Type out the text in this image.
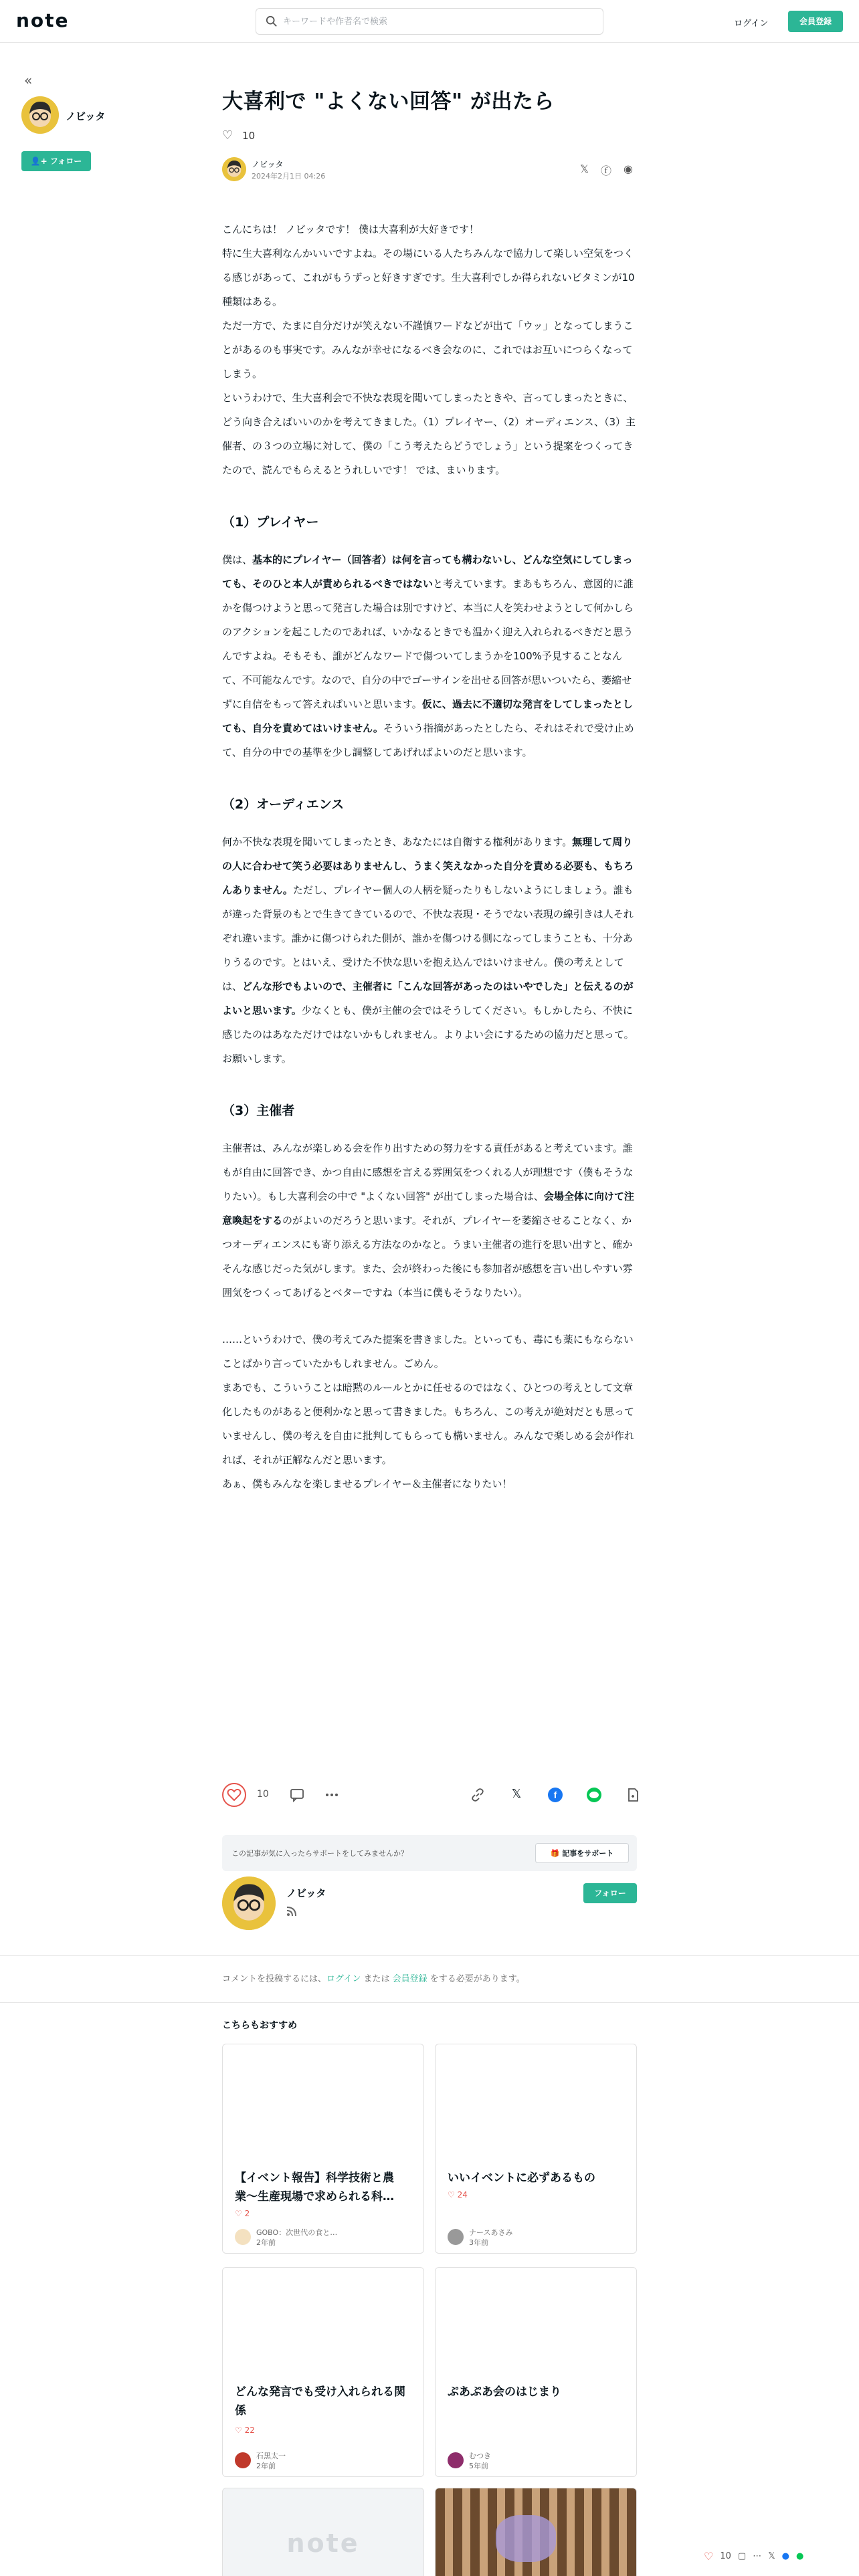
note
キーワードや作者名で検索	ログイン	会員登録
«
ノビッタ
👤+ フォロー
大喜利で "よくない回答" が出たら
♡ 10
ノビッタ
2024年2月1日 04:26
𝕏 ⓕ ◉

こんにちは！ ノビッタです！ 僕は大喜利が大好きです！

特に生大喜利なんかいいですよね。その場にいる人たちみんなで協力して楽しい空気をつくる感じがあって、これがもうずっと好きすぎです。生大喜利でしか得られないビタミンが10種類はある。

ただ一方で、たまに自分だけが笑えない不謹慎ワードなどが出て「ウッ」となってしまうことがあるのも事実です。みんなが幸せになるべき会なのに、これではお互いにつらくなってしまう。

というわけで、生大喜利会で不快な表現を聞いてしまったときや、言ってしまったときに、どう向き合えばいいのかを考えてきました。（1）プレイヤー、（2）オーディエンス、（3）主催者、の３つの立場に対して、僕の「こう考えたらどうでしょう」という提案をつくってきたので、読んでもらえるとうれしいです！ では、まいります。

（1）プレイヤー

僕は、基本的にプレイヤー（回答者）は何を言っても構わないし、どんな空気にしてしまっても、そのひと本人が責められるべきではないと考えています。まあもちろん、意図的に誰かを傷つけようと思って発言した場合は別ですけど、本当に人を笑わせようとして何かしらのアクションを起こしたのであれば、いかなるときでも温かく迎え入れられるべきだと思うんですよね。そもそも、誰がどんなワードで傷ついてしまうかを100%予見することなんて、不可能なんです。なので、自分の中でゴーサインを出せる回答が思いついたら、萎縮せずに自信をもって答えればいいと思います。仮に、過去に不適切な発言をしてしまったとしても、自分を責めてはいけません。そういう指摘があったとしたら、それはそれで受け止めて、自分の中での基準を少し調整してあげればよいのだと思います。

（2）オーディエンス

何か不快な表現を聞いてしまったとき、あなたには自衛する権利があります。無理して周りの人に合わせて笑う必要はありませんし、うまく笑えなかった自分を責める必要も、もちろんありません。ただし、プレイヤー個人の人柄を疑ったりもしないようにしましょう。誰もが違った背景のもとで生きてきているので、不快な表現・そうでない表現の線引きは人それぞれ違います。誰かに傷つけられた側が、誰かを傷つける側になってしまうことも、十分ありうるのです。とはいえ、受けた不快な思いを抱え込んではいけません。僕の考えとしては、どんな形でもよいので、主催者に「こんな回答があったのはいやでした」と伝えるのがよいと思います。少なくとも、僕が主催の会ではそうしてください。もしかしたら、不快に感じたのはあなただけではないかもしれません。よりよい会にするための協力だと思って。お願いします。

（3）主催者

主催者は、みんなが楽しめる会を作り出すための努力をする責任があると考えています。誰もが自由に回答でき、かつ自由に感想を言える雰囲気をつくれる人が理想です（僕もそうなりたい）。もし大喜利会の中で "よくない回答" が出てしまった場合は、会場全体に向けて注意喚起をするのがよいのだろうと思います。それが、プレイヤーを萎縮させることなく、かつオーディエンスにも寄り添える方法なのかなと。うまい主催者の進行を思い出すと、確かそんな感じだった気がします。また、会が終わった後にも参加者が感想を言い出しやすい雰囲気をつくってあげるとベターですね（本当に僕もそうなりたい）。

……というわけで、僕の考えてみた提案を書きました。といっても、毒にも薬にもならないことばかり言っていたかもしれません。ごめん。

まあでも、こういうことは暗黙のルールとかに任せるのではなく、ひとつの考えとして文章化したものがあると便利かなと思って書きました。もちろん、この考えが絶対だとも思っていませんし、僕の考えを自由に批判してもらっても構いません。みんなで楽しめる会が作れれば、それが正解なんだと思います。

あぁ、僕もみんなを楽しませるプレイヤー＆主催者になりたい！

10	𝕏	f
この記事が気に入ったらサポートをしてみませんか？	🎁 記事をサポート
ノビッタ	フォロー
コメントを投稿するには、ログイン または 会員登録 をする必要があります。
こちらもおすすめ
【イベント報告】科学技術と農業〜生産現場で求められる科…
♡ 2
GOBO：次世代の食と…
2年前
いいイベントに必ずあるもの
♡ 24
ナースあさみ
3年前
どんな発言でも受け入れられる関係
♡ 22
石黒太一
2年前
ぷあぷあ会のはじまり
むつき
5年前
note	♡ 10 ▢ ⋯ 𝕏 ● ●
